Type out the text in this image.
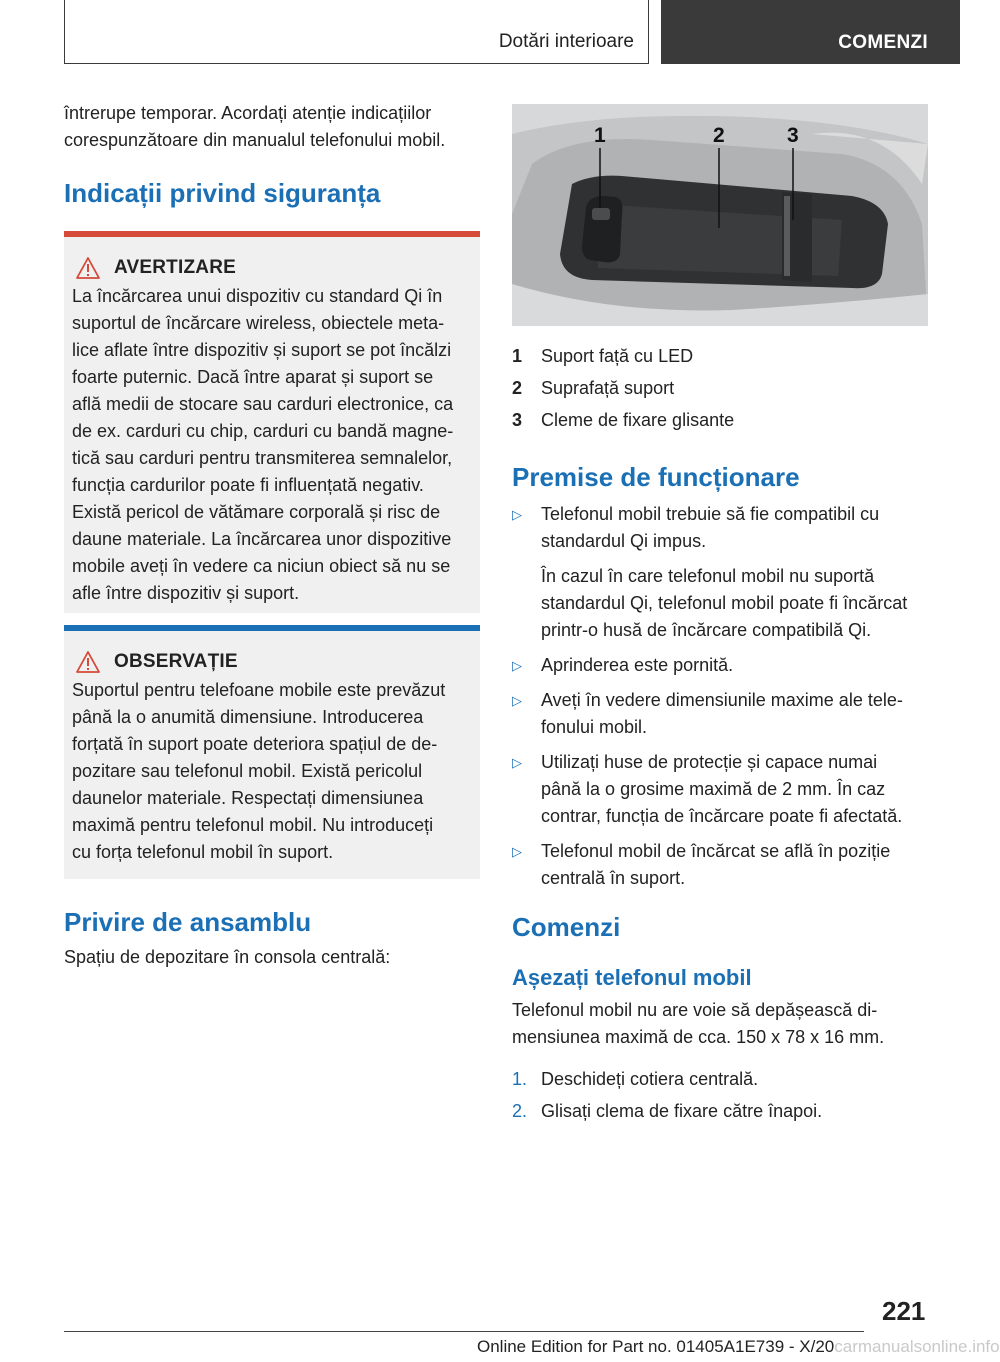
Dotări interioare	COMENZI

întrerupe temporar. Acordați atenție indicațiilor

corespunzătoare din manualul telefonului mobil.

Indicații privind siguranța
AVERTIZARE

La încărcarea unui dispozitiv cu standard Qi în

suportul de încărcare wireless, obiectele meta-

lice aflate între dispozitiv și suport se pot încălzi

foarte puternic. Dacă între aparat și suport se

află medii de stocare sau carduri electronice, ca

de ex. carduri cu chip, carduri cu bandă magne-

tică sau carduri pentru transmiterea semnalelor,

funcția cardurilor poate fi influențată negativ.

Există pericol de vătămare corporală și risc de

daune materiale. La încărcarea unor dispozitive

mobile aveți în vedere ca niciun obiect să nu se

afle între dispozitiv și suport.

OBSERVAȚIE

Suportul pentru telefoane mobile este prevăzut

până la o anumită dimensiune. Introducerea

forțată în suport poate deteriora spațiul de de-

pozitare sau telefonul mobil. Există pericolul

daunelor materiale. Respectați dimensiunea

maximă pentru telefonul mobil. Nu introduceți

cu forța telefonul mobil în suport.

Privire de ansamblu

Spațiu de depozitare în consola centrală:

1	2	3
1	Suport față cu LED
2	Suprafață suport
3	Cleme de fixare glisante
Premise de funcționare
▷	Telefonul mobil trebuie să fie compatibil cu
standardul Qi impus.

În cazul în care telefonul mobil nu suportă
standardul Qi, telefonul mobil poate fi încărcat
printr-o husă de încărcare compatibilă Qi.

▷	Aprinderea este pornită.

▷	Aveți în vedere dimensiunile maxime ale tele-
fonului mobil.

▷	Utilizați huse de protecție și capace numai
până la o grosime maximă de 2 mm. În caz
contrar, funcția de încărcare poate fi afectată.

▷	Telefonul mobil de încărcat se află în poziție
centrală în suport.

Comenzi
Așezați telefonul mobil

Telefonul mobil nu are voie să depășească di-

mensiunea maximă de cca. 150 x 78 x 16 mm.

1. Deschideți cotiera centrală.
2. Glisați clema de fixare către înapoi.
221
Online Edition for Part no. 01405A1E739 - X/20carmanualsonline.info
